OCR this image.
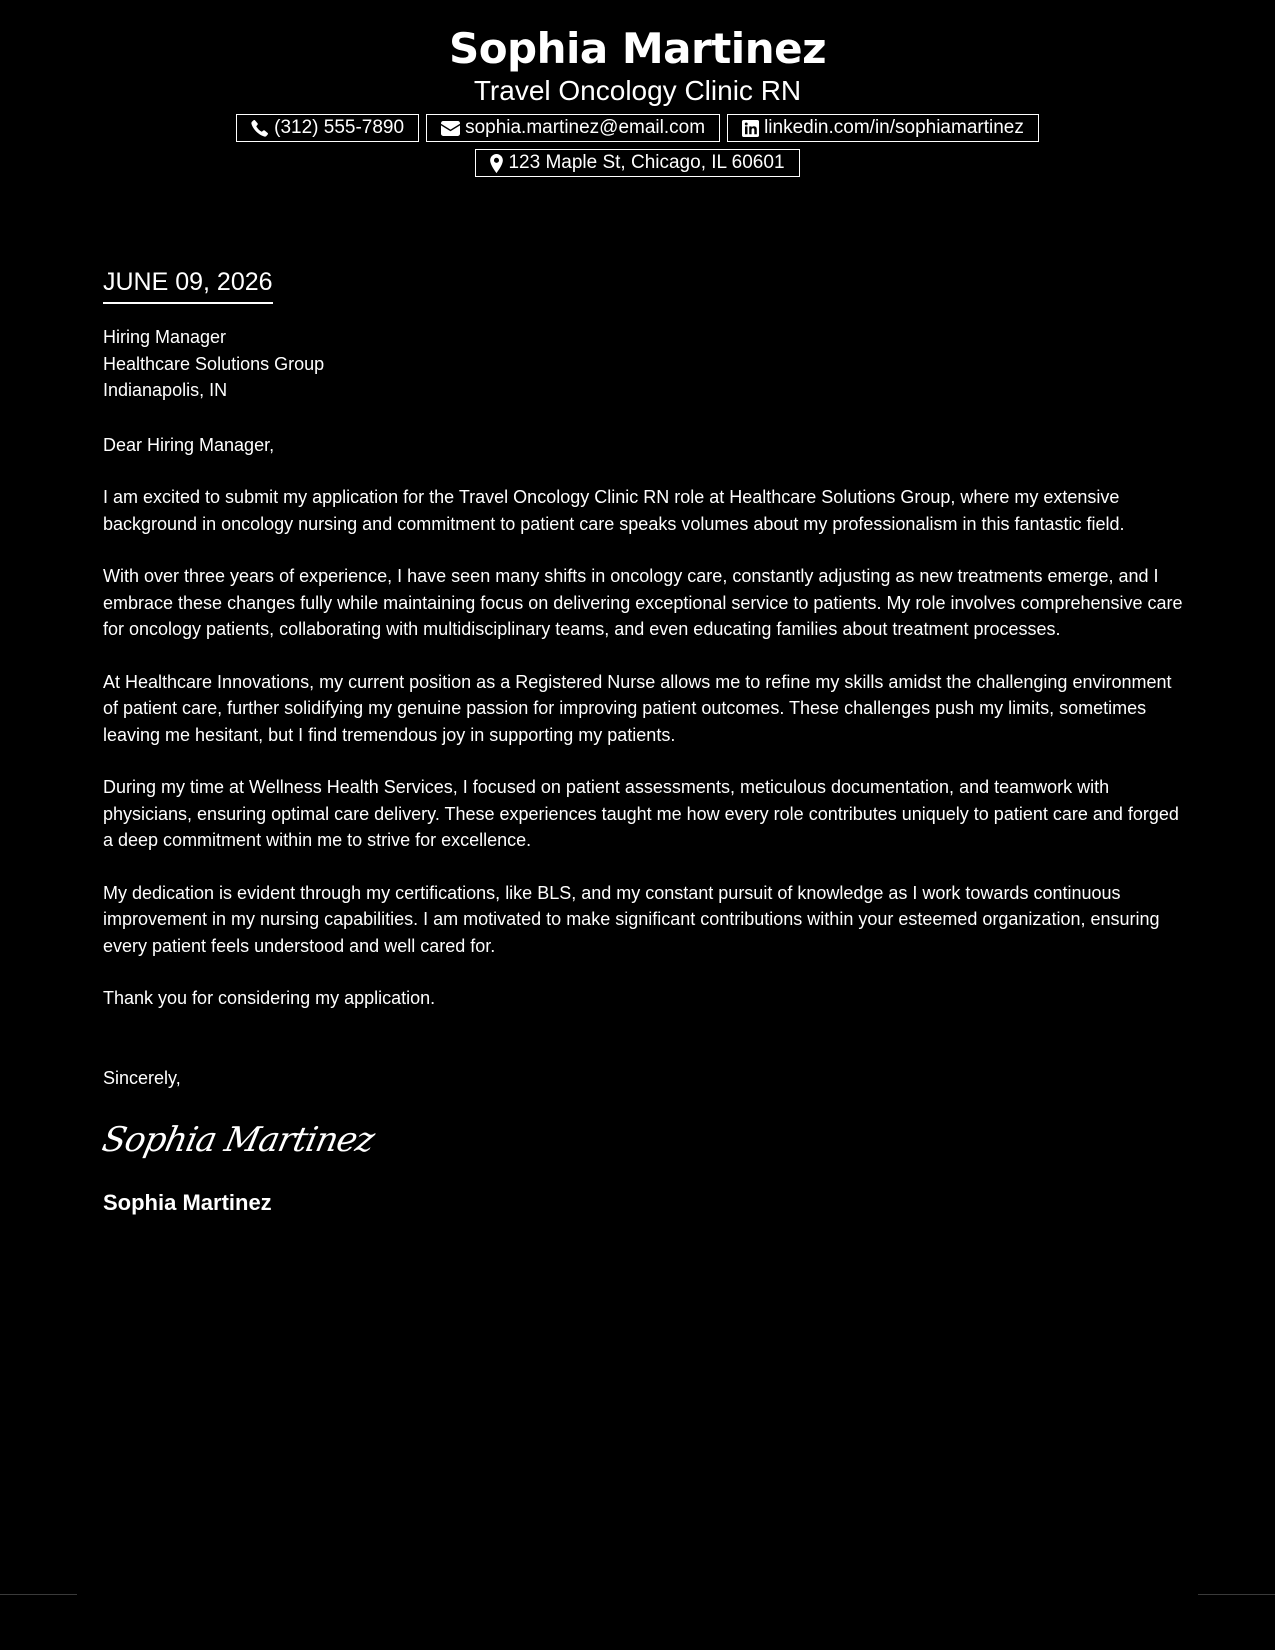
Sophia Martinez
Travel Oncology Clinic RN
(312) 555-7890	sophia.martinez@email.com	linkedin.com/in/sophiamartinez
123 Maple St, Chicago, IL 60601
JUNE 09, 2026
Hiring Manager
Healthcare Solutions Group
Indianapolis, IN
Dear Hiring Manager,

I am excited to submit my application for the Travel Oncology Clinic RN role at Healthcare Solutions Group, where my extensive background in oncology nursing and commitment to patient care speaks volumes about my professionalism in this fantastic field.

With over three years of experience, I have seen many shifts in oncology care, constantly adjusting as new treatments emerge, and I embrace these changes fully while maintaining focus on delivering exceptional service to patients. My role involves comprehensive care for oncology patients, collaborating with multidisciplinary teams, and even educating families about treatment processes.

At Healthcare Innovations, my current position as a Registered Nurse allows me to refine my skills amidst the challenging environment of patient care, further solidifying my genuine passion for improving patient outcomes. These challenges push my limits, sometimes leaving me hesitant, but I find tremendous joy in supporting my patients.

During my time at Wellness Health Services, I focused on patient assessments, meticulous documentation, and teamwork with physicians, ensuring optimal care delivery. These experiences taught me how every role contributes uniquely to patient care and forged a deep commitment within me to strive for excellence.

My dedication is evident through my certifications, like BLS, and my constant pursuit of knowledge as I work towards continuous improvement in my nursing capabilities. I am motivated to make significant contributions within your esteemed organization, ensuring every patient feels understood and well cared for.

Thank you for considering my application.

Sincerely,
Sophia Martinez
Sophia Martinez
